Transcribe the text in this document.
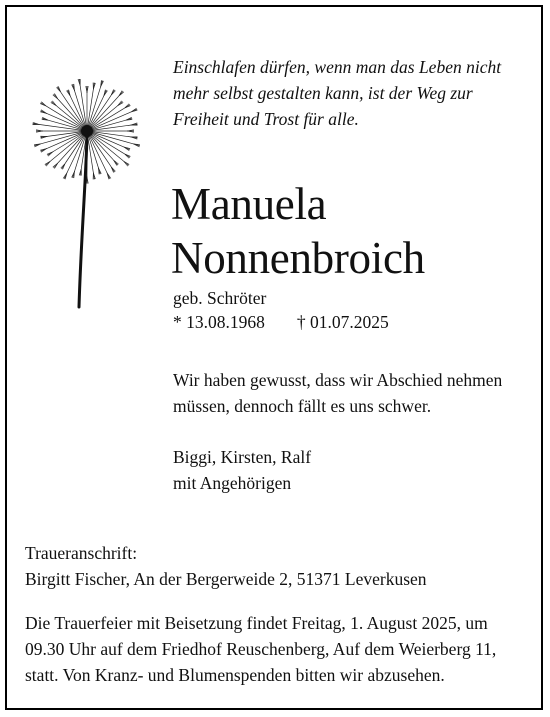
Einschlafen dürfen, wenn man das Leben nicht
mehr selbst gestalten kann, ist der Weg zur
Freiheit und Trost für alle.
Manuela
Nonnenbroich
geb. Schröter
* 13.08.1968 † 01.07.2025
Wir haben gewusst, dass wir Abschied nehmen
müssen, dennoch fällt es uns schwer.
Biggi, Kirsten, Ralf
mit Angehörigen
Traueranschrift:
Birgitt Fischer, An der Bergerweide 2, 51371 Leverkusen
Die Trauerfeier mit Beisetzung findet Freitag, 1. August 2025, um
09.30 Uhr auf dem Friedhof Reuschenberg, Auf dem Weierberg 11,
statt. Von Kranz- und Blumenspenden bitten wir abzusehen.
